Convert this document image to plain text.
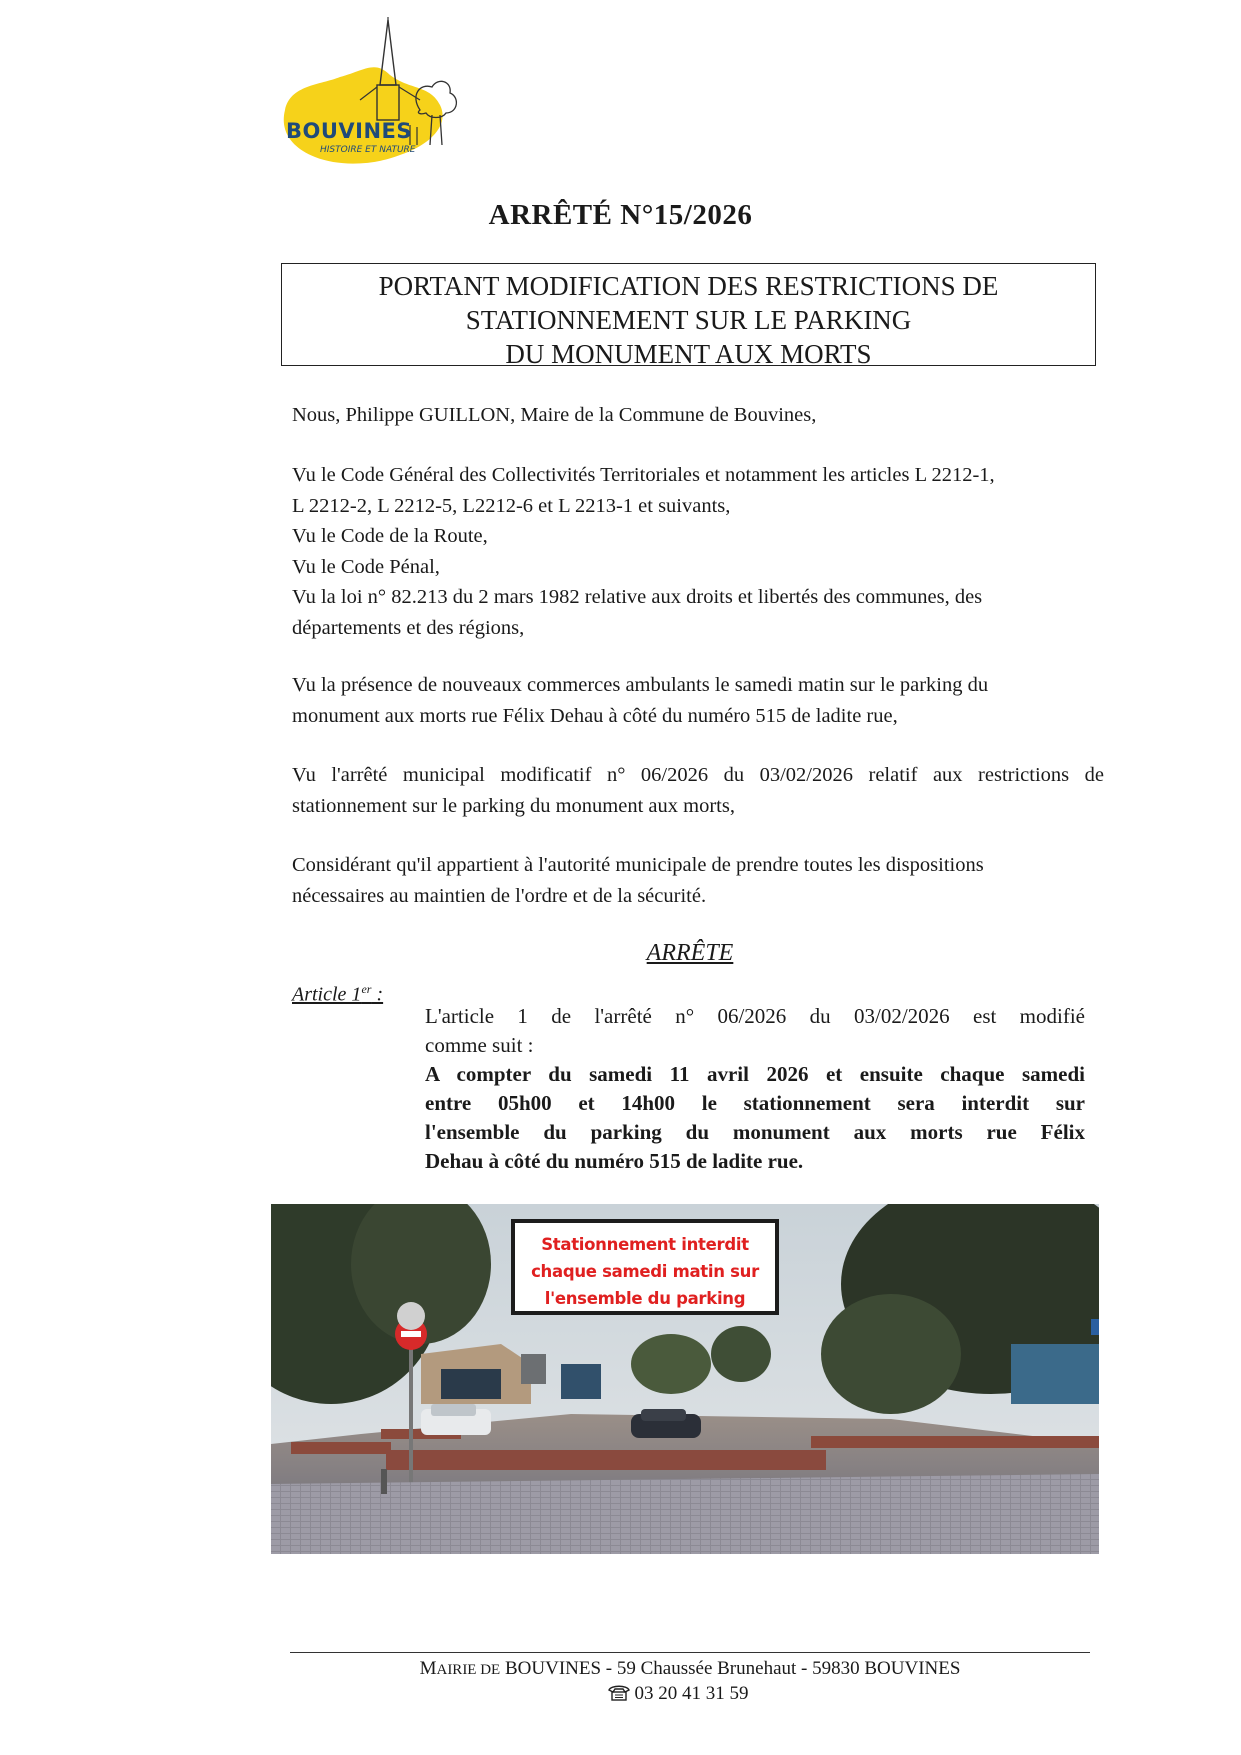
BOUVINES
HISTOIRE ET NATURE
ARRÊTÉ N°15/2026
PORTANT MODIFICATION DES RESTRICTIONS DE
STATIONNEMENT SUR LE PARKING
DU MONUMENT AUX MORTS
Nous, Philippe GUILLON, Maire de la Commune de Bouvines,
Vu le Code Général des Collectivités Territoriales et notamment les articles L 2212-1,
L 2212-2, L 2212-5, L2212-6 et L 2213-1 et suivants,
Vu le Code de la Route,
Vu le Code Pénal,
Vu la loi n° 82.213 du 2 mars 1982 relative aux droits et libertés des communes, des
départements et des régions,
Vu la présence de nouveaux commerces ambulants le samedi matin sur le parking du
monument aux morts rue Félix Dehau à côté du numéro 515 de ladite rue,
Vu l'arrêté municipal modificatif n° 06/2026 du 03/02/2026 relatif aux restrictions de
stationnement sur le parking du monument aux morts,
Considérant qu'il appartient à l'autorité municipale de prendre toutes les dispositions
nécessaires au maintien de l'ordre et de la sécurité.
ARRÊTE
Article 1er :
L'article 1 de l'arrêté n° 06/2026 du 03/02/2026 est modifié
comme suit :
A compter du samedi 11 avril 2026 et ensuite chaque samedi
entre 05h00 et 14h00 le stationnement sera interdit sur
l'ensemble du parking du monument aux morts rue Félix
Dehau à côté du numéro 515 de ladite rue.
Stationnement interdit
chaque samedi matin sur
l'ensemble du parking
MAIRIE DE BOUVINES - 59 Chaussée Brunehaut - 59830 BOUVINES
03 20 41 31 59
